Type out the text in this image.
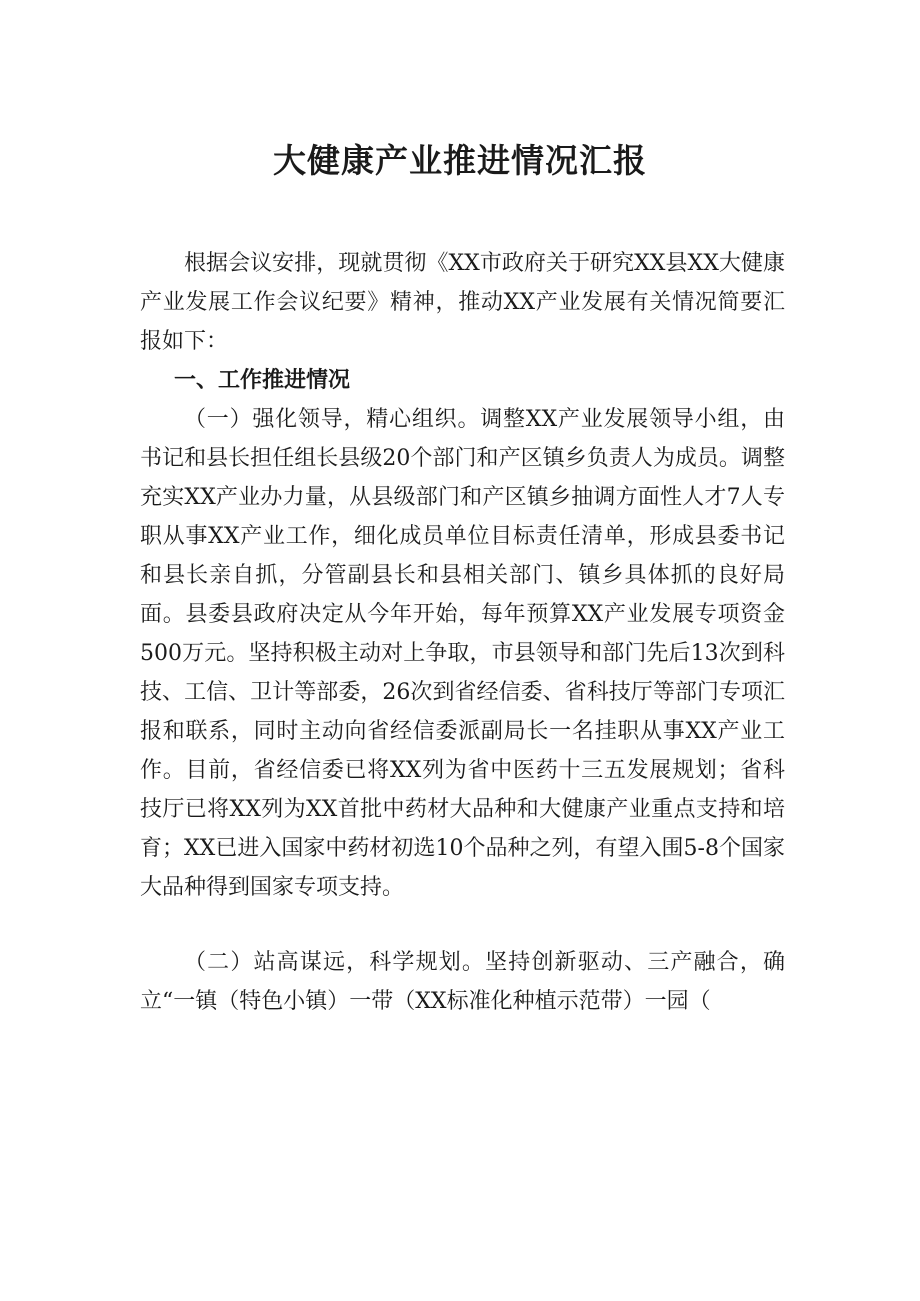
大健康产业推进情况汇报

根据会议安排，现就贯彻《XX市政府关于研究XX县XX大健康产业发展工作会议纪要》精神，推动XX产业发展有关情况简要汇报如下：

一、工作推进情况

（一）强化领导，精心组织。调整XX产业发展领导小组，由书记和县长担任组长县级20个部门和产区镇乡负责人为成员。调整充实XX产业办力量，从县级部门和产区镇乡抽调方面性人才7人专职从事XX产业工作，细化成员单位目标责任清单，形成县委书记和县长亲自抓，分管副县长和县相关部门、镇乡具体抓的良好局面。县委县政府决定从今年开始，每年预算XX产业发展专项资金500万元。坚持积极主动对上争取，市县领导和部门先后13次到科技、工信、卫计等部委，26次到省经信委、省科技厅等部门专项汇报和联系，同时主动向省经信委派副局长一名挂职从事XX产业工作。目前，省经信委已将XX列为省中医药十三五发展规划；省科技厅已将XX列为XX首批中药材大品种和大健康产业重点支持和培育；XX已进入国家中药材初选10个品种之列，有望入围5-8个国家大品种得到国家专项支持。

（二）站高谋远，科学规划。坚持创新驱动、三产融合，确立“一镇（特色小镇）一带（XX标准化种植示范带）一园（
